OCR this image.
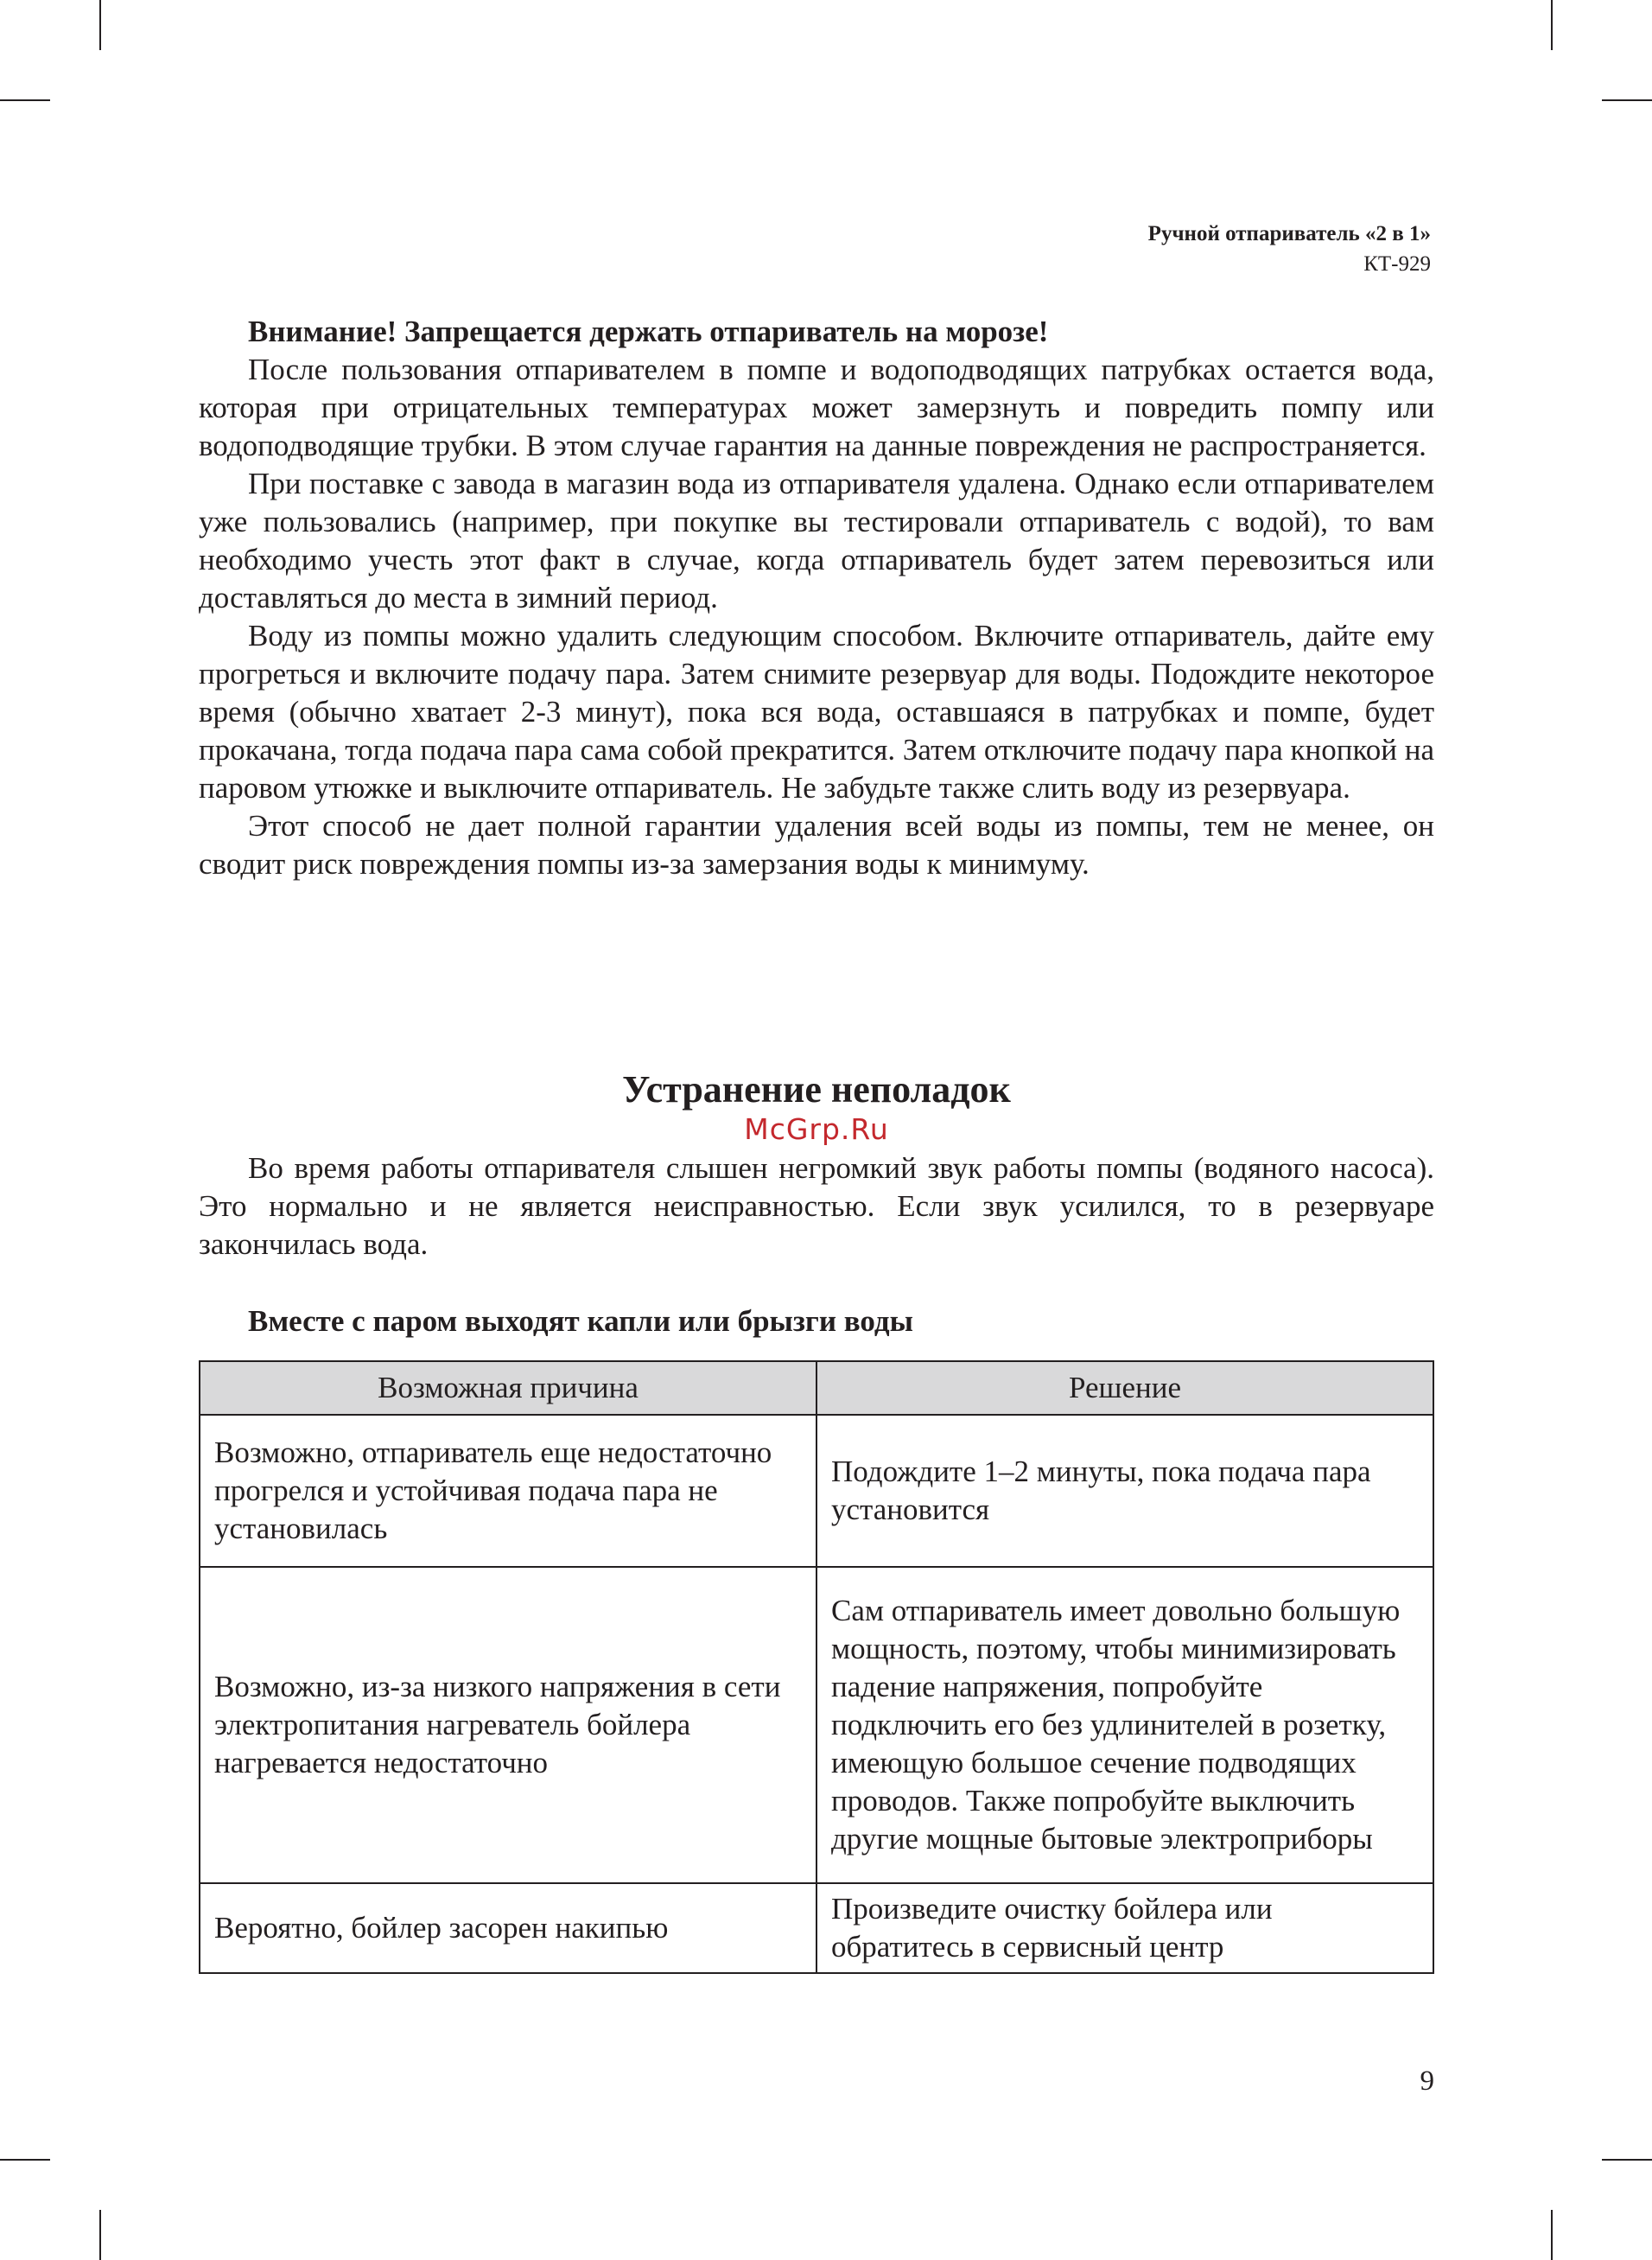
Ручной отпариватель «2 в 1»
КТ-929

Внимание! Запрещается держать отпариватель на морозе!

После пользования отпаривателем в помпе и водоподводящих патрубках остается вода, которая при отрицательных температурах может замерзнуть и повредить помпу или водоподводящие трубки. В этом случае гарантия на данные повреждения не распространяется.

При поставке с завода в магазин вода из отпаривателя удалена. Однако если отпаривателем уже пользовались (например, при покупке вы тестировали отпариватель с водой), то вам необходимо учесть этот факт в случае, когда отпариватель будет затем перевозиться или доставляться до места в зимний период.

Воду из помпы можно удалить следующим способом. Включите отпариватель, дайте ему прогреться и включите подачу пара. Затем снимите резервуар для воды. Подождите некоторое время (обычно хватает 2-3 минут), пока вся вода, оставшаяся в патрубках и помпе, будет прокачана, тогда подача пара сама собой прекратится. Затем отключите подачу пара кнопкой на паровом утюжке и выключите отпариватель. Не забудьте также слить воду из резервуара.

Этот способ не дает полной гарантии удаления всей воды из помпы, тем не менее, он сводит риск повреждения помпы из-за замерзания воды к минимуму.

Устранение неполадок
McGrp.Ru

Во время работы отпаривателя слышен негромкий звук работы помпы (водяного насоса). Это нормально и не является неисправностью. Если звук усилился, то в резервуаре закончилась вода.

Вместе с паром выходят капли или брызги воды
Возможная причина	Решение
Возможно, отпариватель еще недостаточно прогрелся и устойчивая подача пара не установилась	Подождите 1–2 минуты, пока подача пара установится
Возможно, из-за низкого напряжения в сети электропитания нагреватель бойлера нагревается недостаточно	Сам отпариватель имеет довольно большую мощность, поэтому, чтобы минимизировать падение напряжения, попробуйте подключить его без удлинителей в розетку, имеющую большое сечение подводящих проводов. Также попробуйте выключить другие мощные бытовые электроприборы
Вероятно, бойлер засорен накипью	Произведите очистку бойлера или обратитесь в сервисный центр
9
